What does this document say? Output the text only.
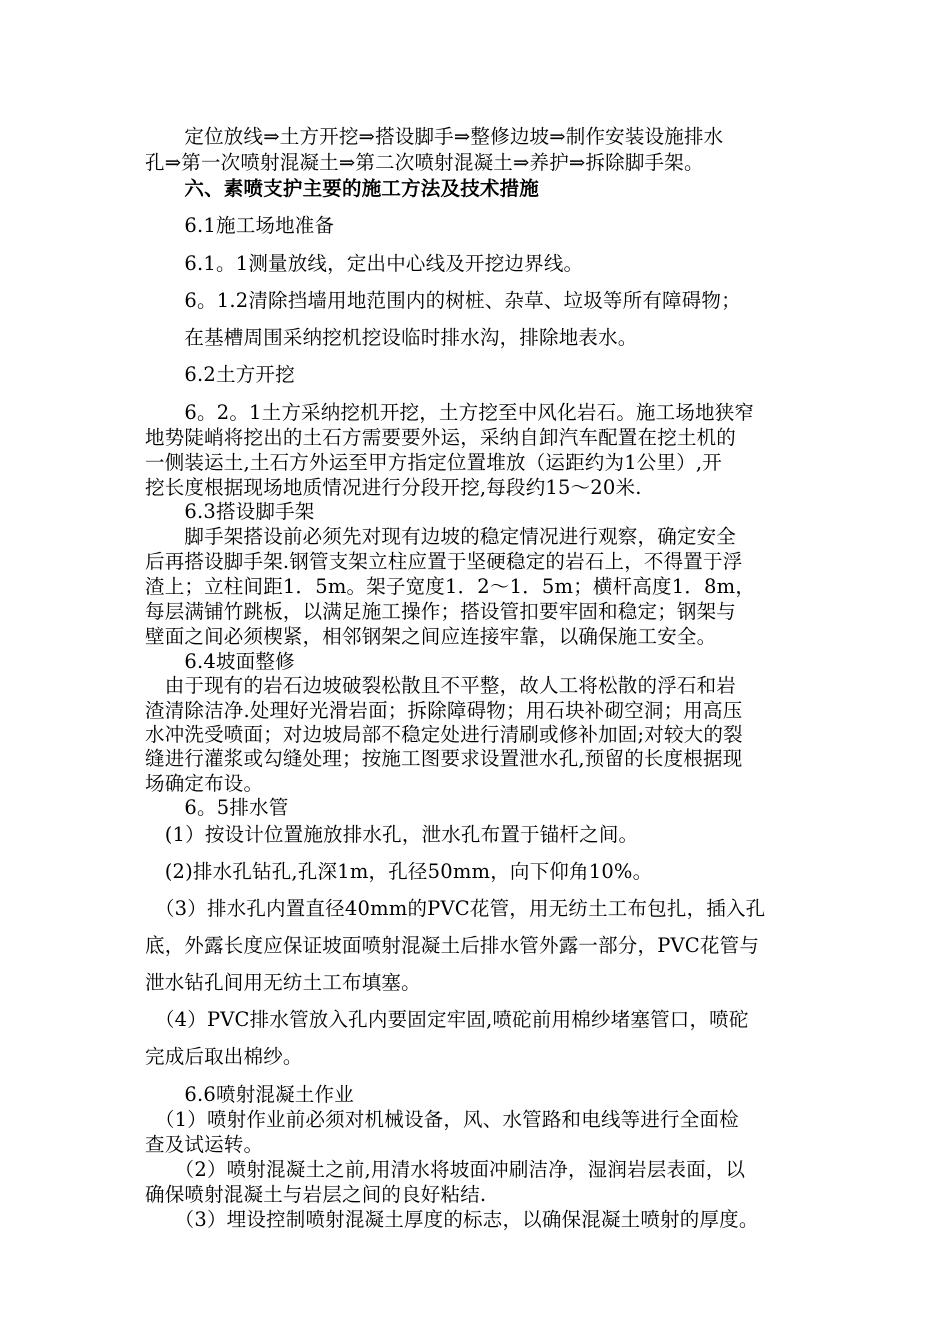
　　定位放线⇒土方开挖⇒搭设脚手⇒整修边坡⇒制作安装设施排水
孔⇒第一次喷射混凝土⇒第二次喷射混凝土⇒养护⇒拆除脚手架。
　　六、素喷支护主要的施工方法及技术措施
　　6.1施工场地准备
　　6.1。1测量放线，定出中心线及开挖边界线。
　　6。1.2清除挡墙用地范围内的树桩、杂草、垃圾等所有障碍物；
　　在基槽周围采纳挖机挖设临时排水沟，排除地表水。
　　6.2土方开挖
　　6。2。1土方采纳挖机开挖，土方挖至中风化岩石。施工场地狭窄
地势陡峭将挖出的土石方需要要外运，采纳自卸汽车配置在挖土机的
一侧装运土,土石方外运至甲方指定位置堆放（运距约为1公里）,开
挖长度根据现场地质情况进行分段开挖,每段约15～20米.
　　6.3搭设脚手架
　　脚手架搭设前必须先对现有边坡的稳定情况进行观察，确定安全
后再搭设脚手架.钢管支架立柱应置于坚硬稳定的岩石上，不得置于浮
渣上；立柱间距1．5m。架子宽度1．2～1．5m；横杆高度1．8m，
每层满铺竹跳板，以满足施工操作；搭设管扣要牢固和稳定；钢架与
壁面之间必须楔紧，相邻钢架之间应连接牢靠，以确保施工安全。
　　6.4坡面整修
　由于现有的岩石边坡破裂松散且不平整，故人工将松散的浮石和岩
渣清除洁净.处理好光滑岩面；拆除障碍物；用石块补砌空洞；用高压
水冲洗受喷面；对边坡局部不稳定处进行清刷或修补加固;对较大的裂
缝进行灌浆或勾缝处理；按施工图要求设置泄水孔,预留的长度根据现
场确定布设。
　　6。5排水管
　(1）按设计位置施放排水孔，泄水孔布置于锚杆之间。
　(2)排水孔钻孔,孔深1m，孔径50mm，向下仰角10%。
　（3）排水孔内置直径40mm的PVC花管，用无纺土工布包扎，插入孔
底，外露长度应保证坡面喷射混凝土后排水管外露一部分，PVC花管与
泄水钻孔间用无纺土工布填塞。
　（4）PVC排水管放入孔内要固定牢固,喷砣前用棉纱堵塞管口，喷砣
完成后取出棉纱。
　　6.6喷射混凝土作业
　（1）喷射作业前必须对机械设备，风、水管路和电线等进行全面检
查及试运转。
　　（2）喷射混凝土之前,用清水将坡面冲刷洁净，湿润岩层表面，以
确保喷射混凝土与岩层之间的良好粘结.
　　（3）埋设控制喷射混凝土厚度的标志，以确保混凝土喷射的厚度。
